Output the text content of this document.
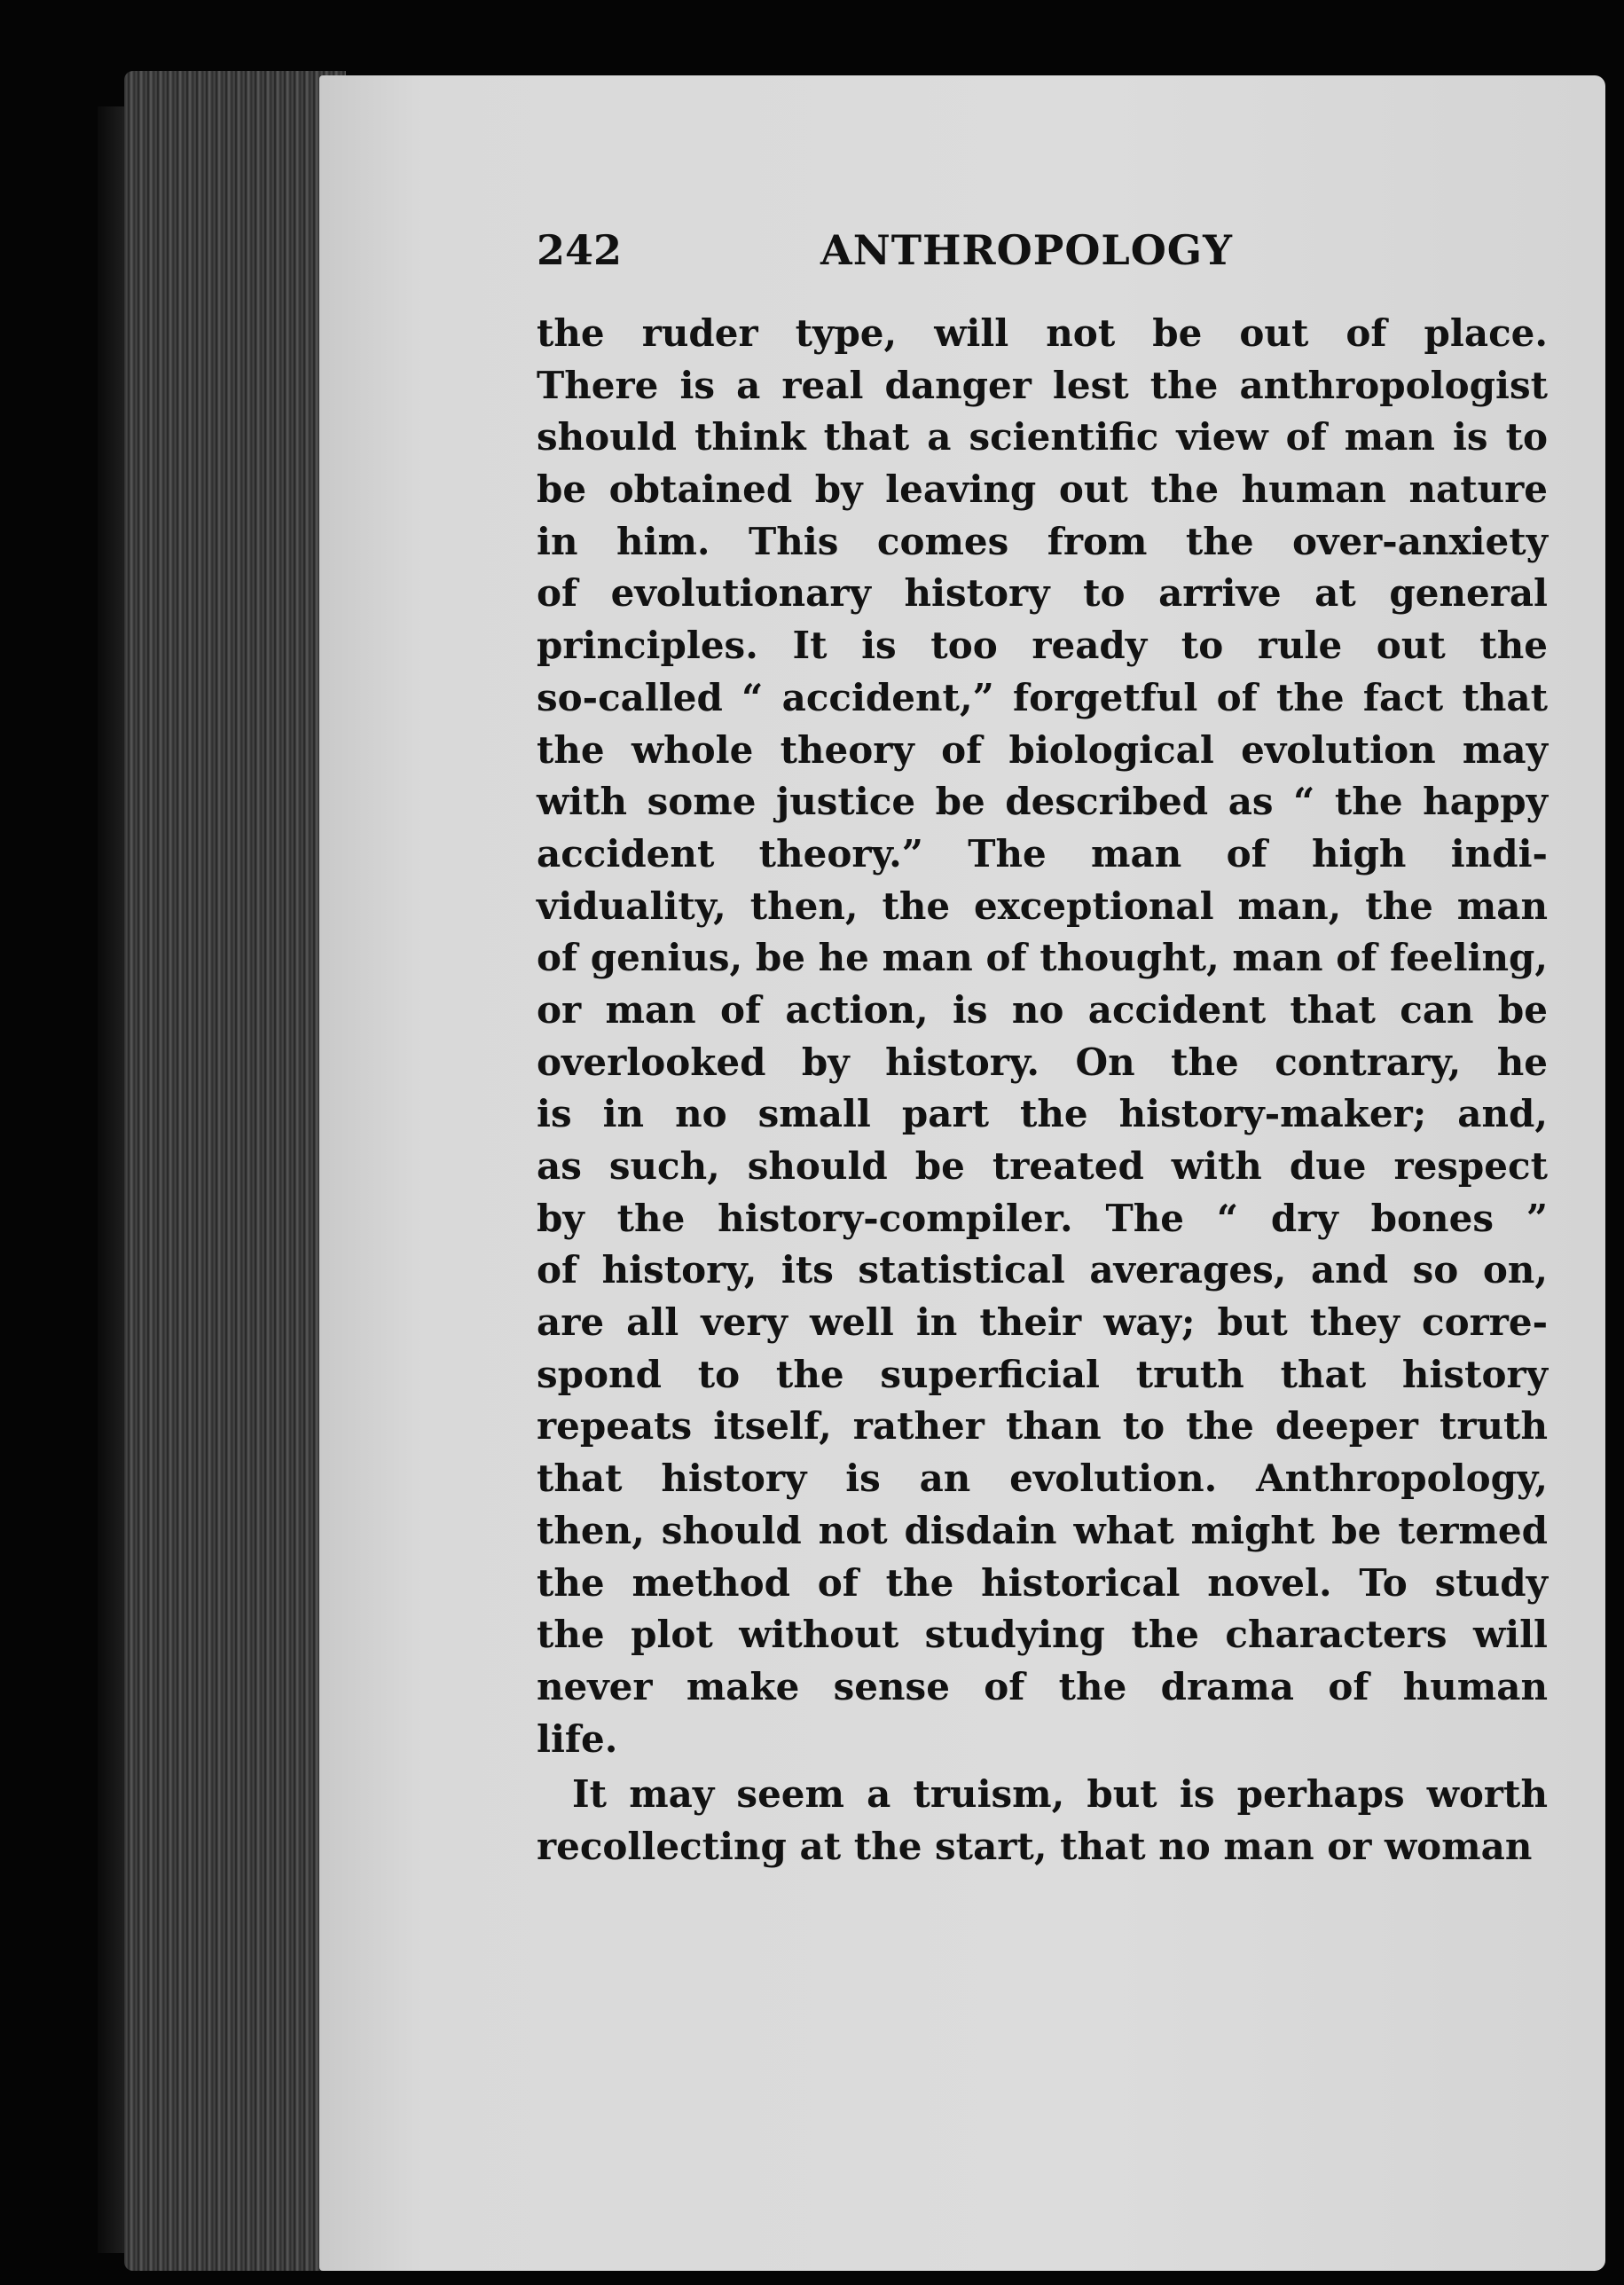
242	ANTHROPOLOGY
the ruder type, will not be out of place.
There is a real danger lest the anthropologist
should think that a scientific view of man is to
be obtained by leaving out the human nature
in him. This comes from the over-anxiety
of evolutionary history to arrive at general
principles. It is too ready to rule out the
so-called “ accident,” forgetful of the fact that
the whole theory of biological evolution may
with some justice be described as “ the happy
accident theory.” The man of high indi-
viduality, then, the exceptional man, the man
of genius, be he man of thought, man of feeling,
or man of action, is no accident that can be
overlooked by history. On the contrary, he
is in no small part the history-maker; and,
as such, should be treated with due respect
by the history-compiler. The “ dry bones ”
of history, its statistical averages, and so on,
are all very well in their way; but they corre-
spond to the superficial truth that history
repeats itself, rather than to the deeper truth
that history is an evolution. Anthropology,
then, should not disdain what might be termed
the method of the historical novel. To study
the plot without studying the characters will
never make sense of the drama of human
life.
It may seem a truism, but is perhaps worth
recollecting at the start, that no man or woman
